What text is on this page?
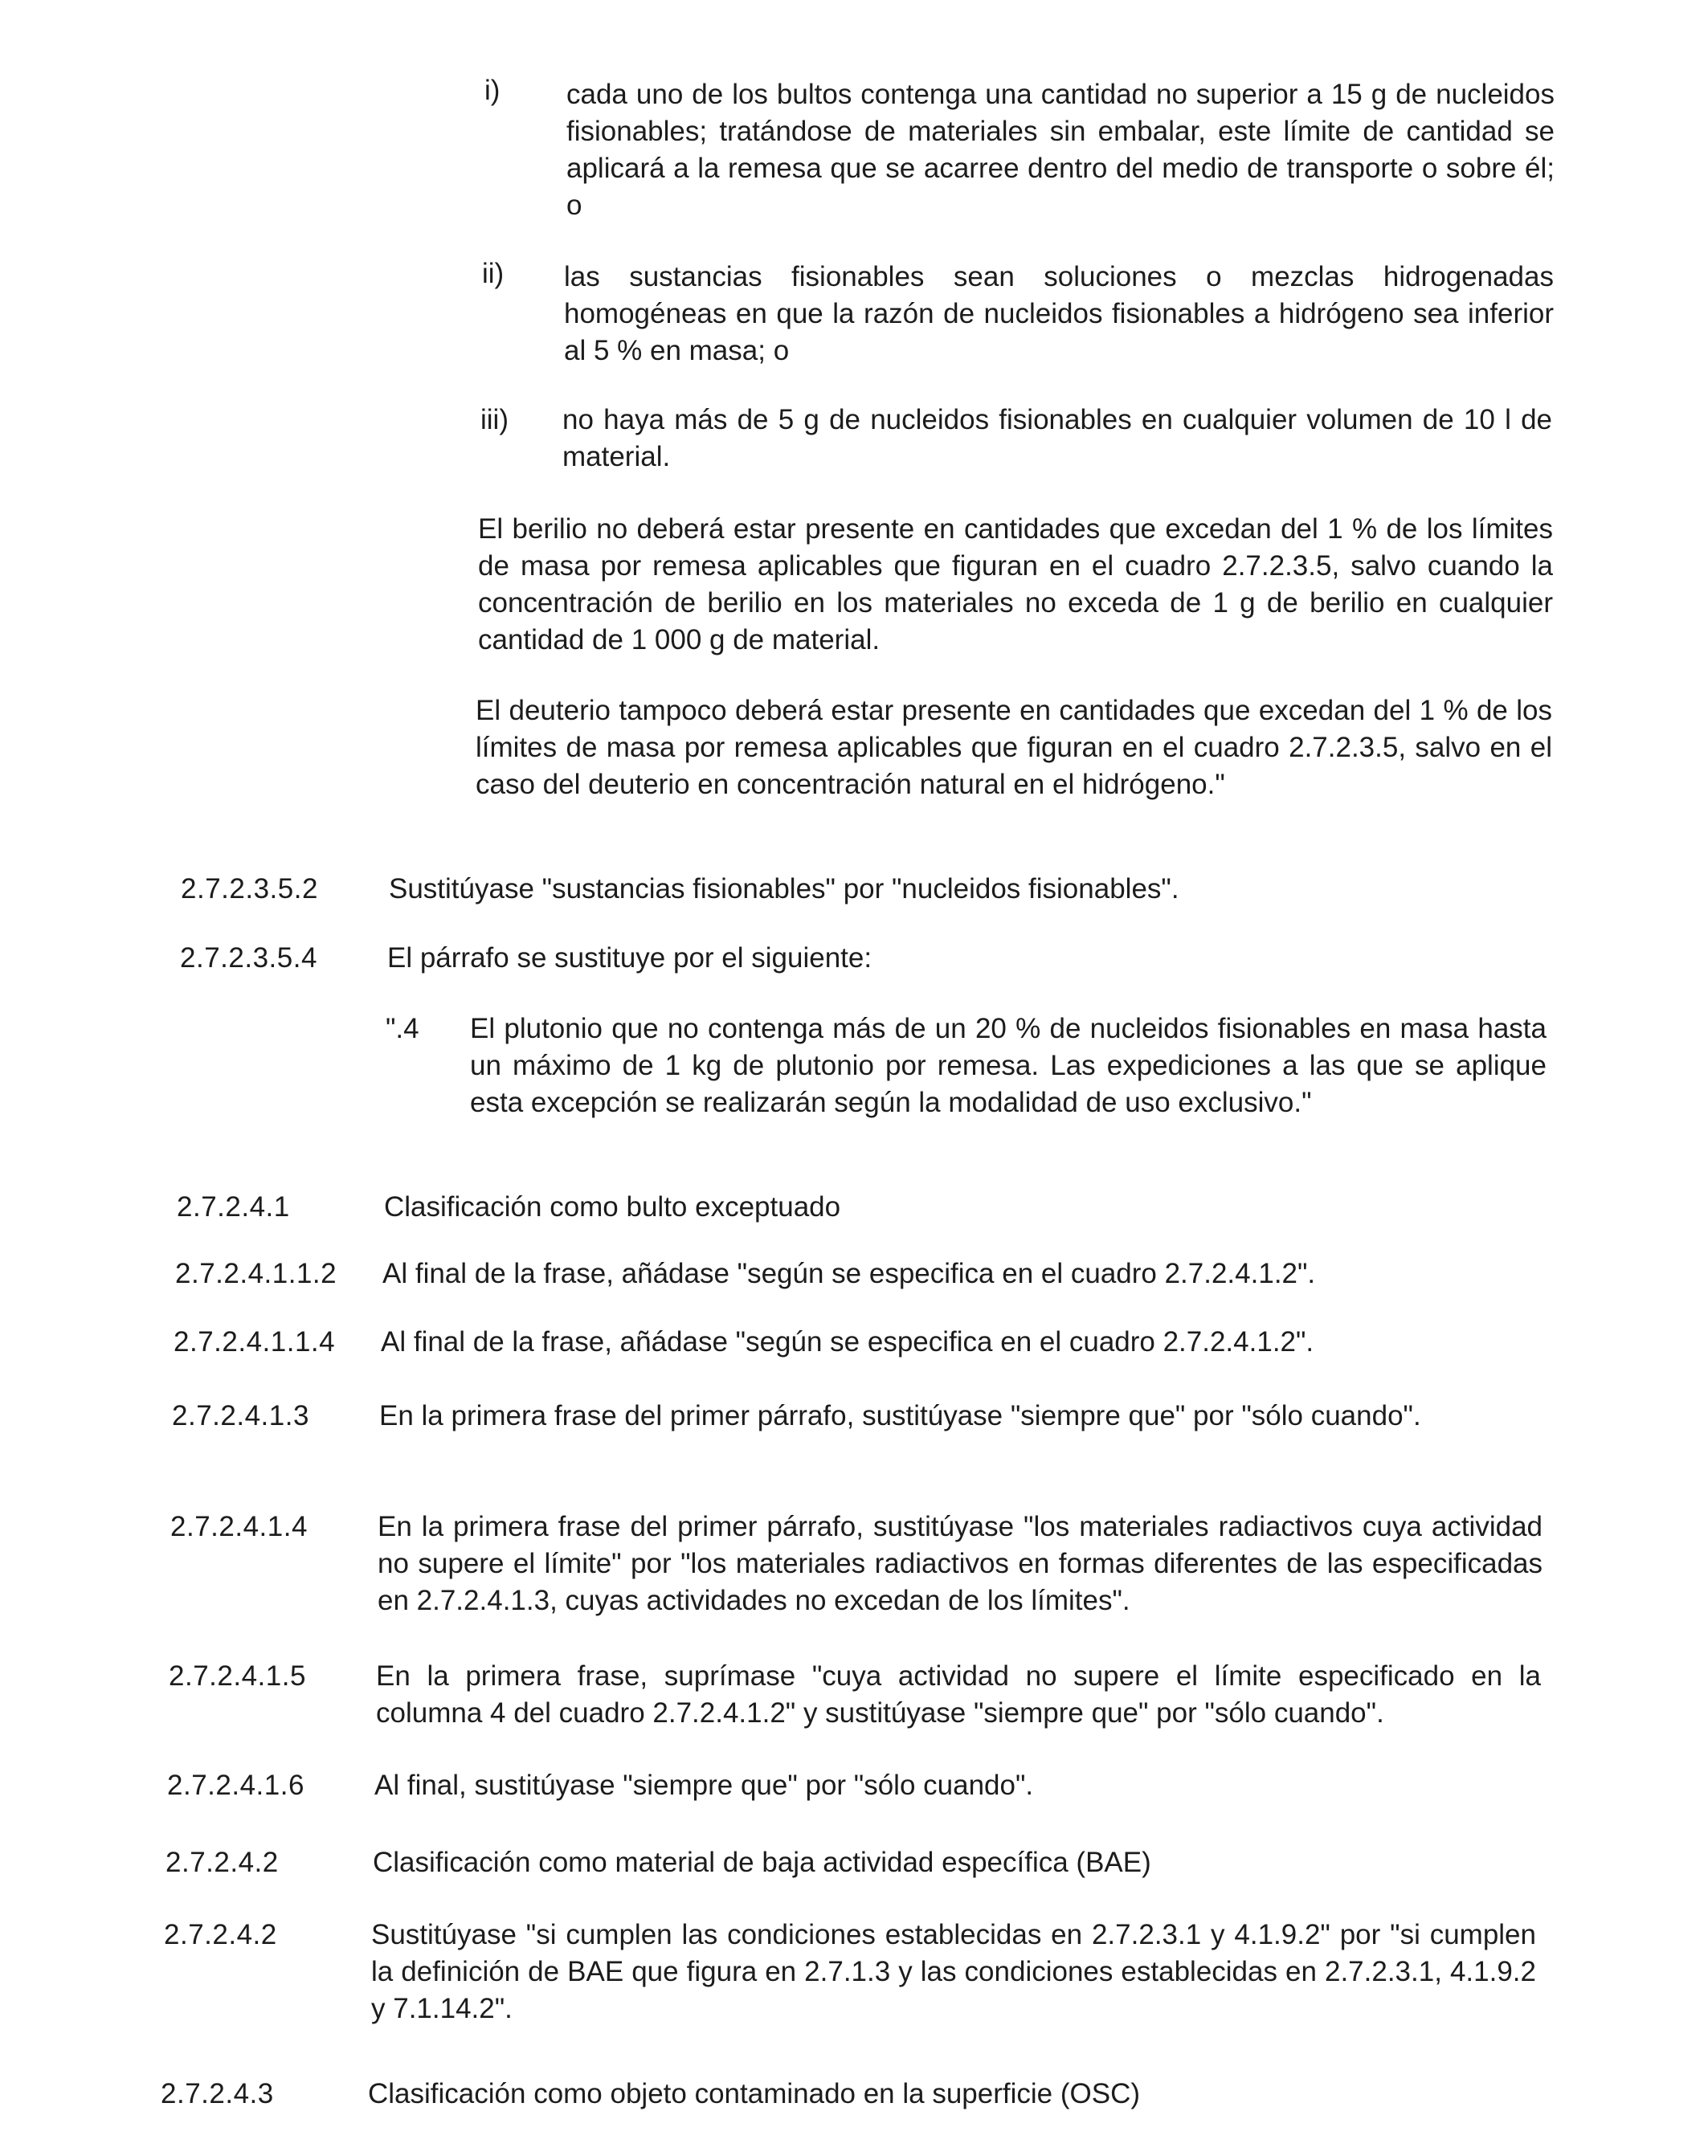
i) cada uno de los bultos contenga una cantidad no superior a 15 g de nucleidos fisionables; tratándose de materiales sin embalar, este límite de cantidad se aplicará a la remesa que se acarree dentro del medio de transporte o sobre él; o
ii) las sustancias fisionables sean soluciones o mezclas hidrogenadas homogéneas en que la razón de nucleidos fisionables a hidrógeno sea inferior al 5 % en masa; o
iii) no haya más de 5 g de nucleidos fisionables en cualquier volumen de 10 l de material.
El berilio no deberá estar presente en cantidades que excedan del 1 % de los límites de masa por remesa aplicables que figuran en el cuadro 2.7.2.3.5, salvo cuando la concentración de berilio en los materiales no exceda de 1 g de berilio en cualquier cantidad de 1 000 g de material.
El deuterio tampoco deberá estar presente en cantidades que excedan del 1 % de los límites de masa por remesa aplicables que figuran en el cuadro 2.7.2.3.5, salvo en el caso del deuterio en concentración natural en el hidrógeno."
2.7.2.3.5.2	Sustitúyase "sustancias fisionables" por "nucleidos fisionables".
2.7.2.3.5.4 El párrafo se sustituye por el siguiente:
".4 El plutonio que no contenga más de un 20 % de nucleidos fisionables en masa hasta un máximo de 1 kg de plutonio por remesa. Las expediciones a las que se aplique esta excepción se realizarán según la modalidad de uso exclusivo."
2.7.2.4.1	Clasificación como bulto exceptuado
2.7.2.4.1.1.2 Al final de la frase, añádase "según se especifica en el cuadro 2.7.2.4.1.2".
2.7.2.4.1.1.4 Al final de la frase, añádase "según se especifica en el cuadro 2.7.2.4.1.2".
2.7.2.4.1.3 En la primera frase del primer párrafo, sustitúyase "siempre que" por "sólo cuando".
2.7.2.4.1.4 En la primera frase del primer párrafo, sustitúyase "los materiales radiactivos cuya actividad no supere el límite" por "los materiales radiactivos en formas diferentes de las especificadas en 2.7.2.4.1.3, cuyas actividades no excedan de los límites".
2.7.2.4.1.5 En la primera frase, suprímase "cuya actividad no supere el límite especificado en la columna 4 del cuadro 2.7.2.4.1.2" y sustitúyase "siempre que" por "sólo cuando".
2.7.2.4.1.6 Al final, sustitúyase "siempre que" por "sólo cuando".
2.7.2.4.2	Clasificación como material de baja actividad específica (BAE)
2.7.2.4.2	Sustitúyase "si cumplen las condiciones establecidas en 2.7.2.3.1 y 4.1.9.2" por "si cumplen la definición de BAE que figura en 2.7.1.3 y las condiciones establecidas en 2.7.2.3.1, 4.1.9.2 y 7.1.14.2".
2.7.2.4.3	Clasificación como objeto contaminado en la superficie (OSC)
